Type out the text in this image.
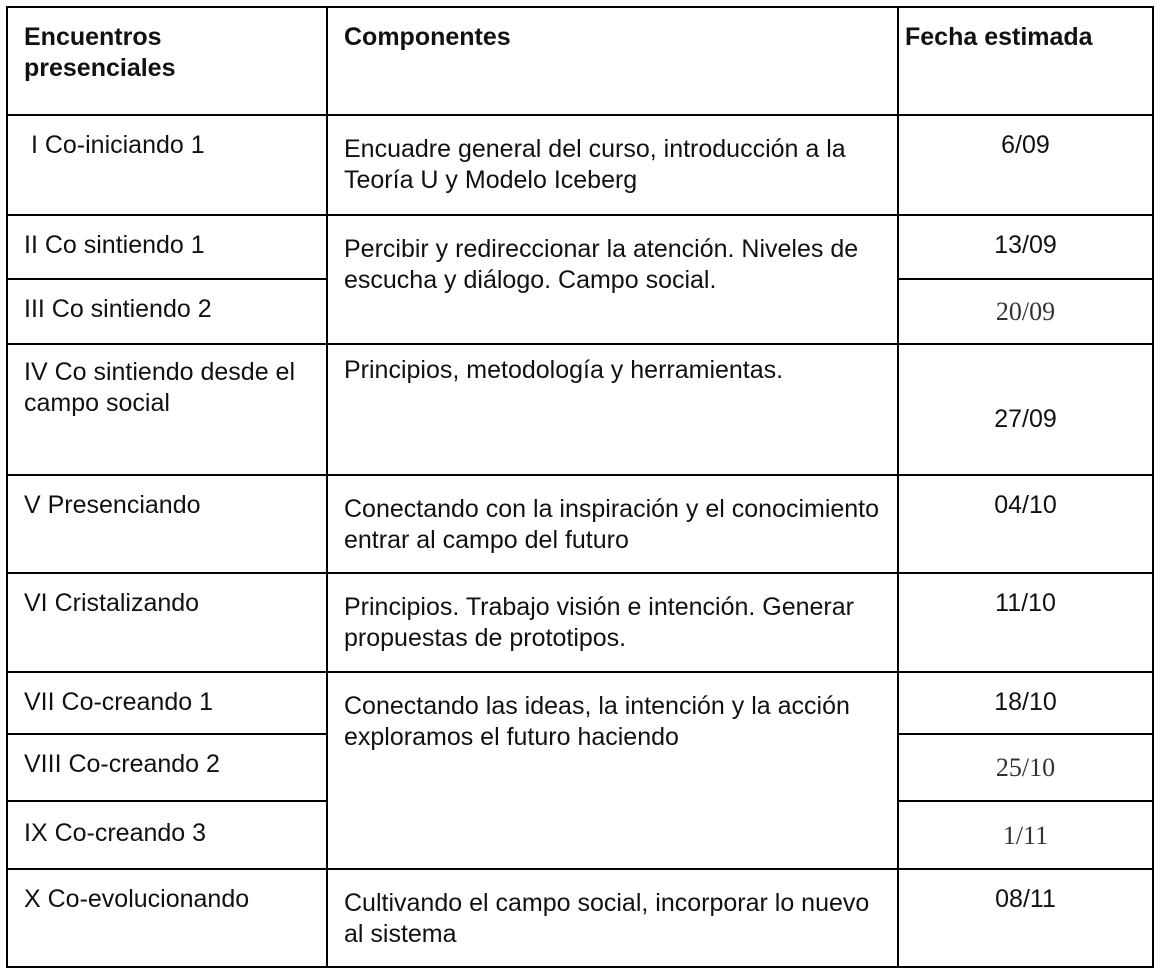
Encuentros presenciales	Componentes	Fecha estimada
I Co-iniciando 1	Encuadre general del curso, introducción a la Teoría U y Modelo Iceberg	6/09
II Co sintiendo 1	Percibir y redireccionar la atención. Niveles de escucha y diálogo. Campo social.	13/09
III Co sintiendo 2		20/09
IV Co sintiendo desde el campo social	Principios, metodología y herramientas.	27/09
V Presenciando	Conectando con la inspiración y el conocimiento entrar al campo del futuro	04/10
VI Cristalizando	Principios. Trabajo visión e intención. Generar propuestas de prototipos.	11/10
VII Co-creando 1	Conectando las ideas, la intención y la acción exploramos el futuro haciendo	18/10
VIII Co-creando 2		25/10
IX Co-creando 3		1/11
X Co-evolucionando	Cultivando el campo social, incorporar lo nuevo al sistema	08/11
